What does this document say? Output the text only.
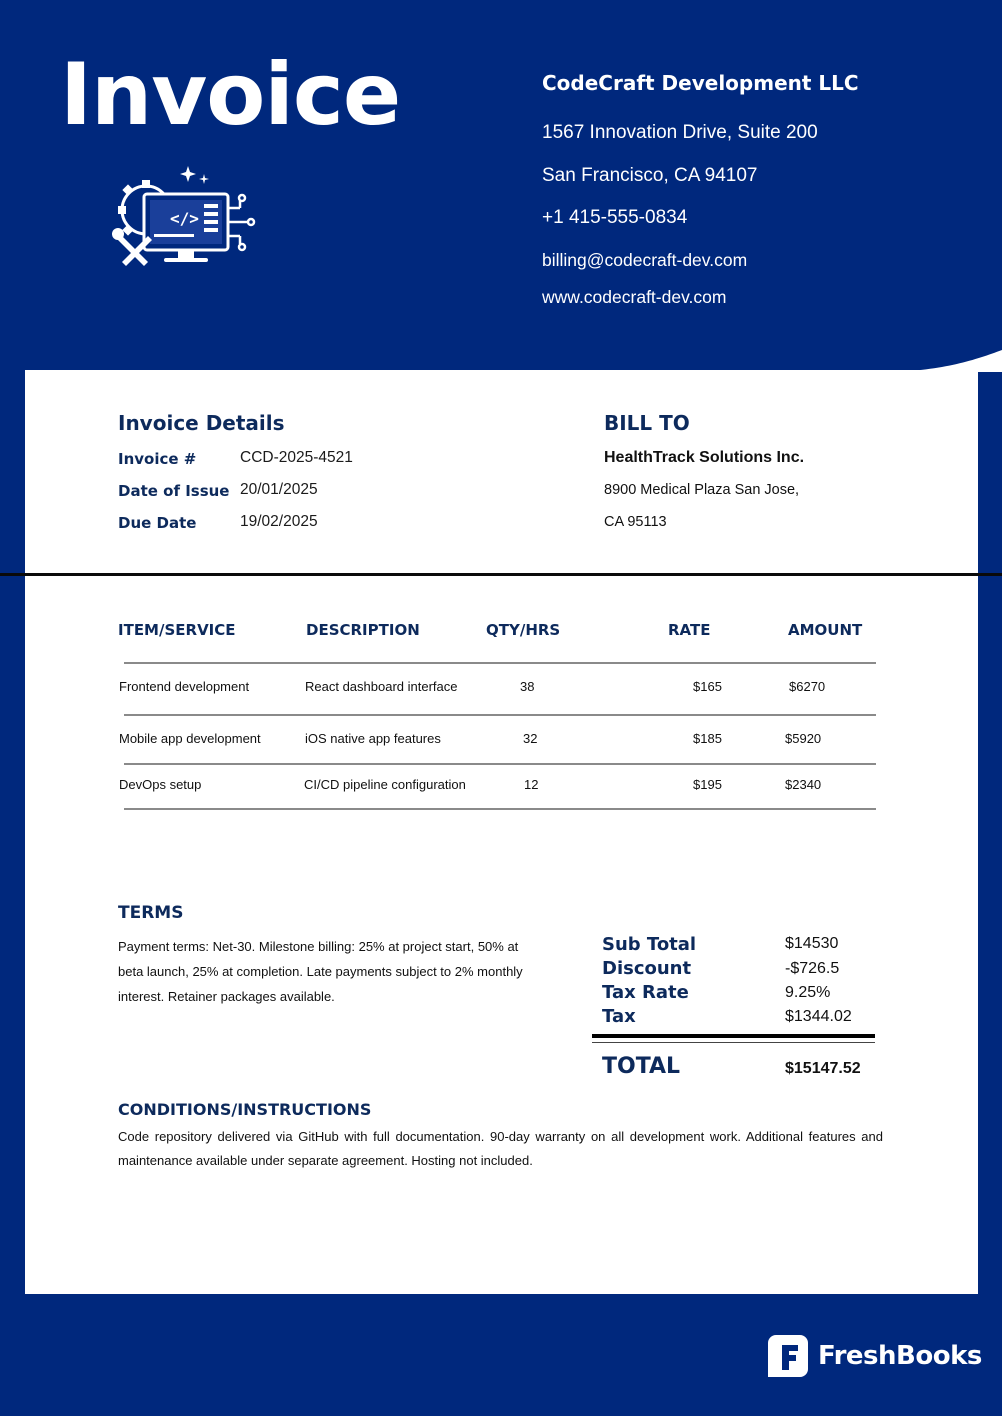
Invoice
</>
CodeCraft Development LLC
1567 Innovation Drive, Suite 200
San Francisco, CA 94107
+1 415-555-0834
billing@codecraft-dev.com
www.codecraft-dev.com
Invoice Details
Invoice #	CCD-2025-4521
Date of Issue 20/01/2025
Due Date	19/02/2025
BILL TO
HealthTrack Solutions Inc.
8900 Medical Plaza San Jose,
CA 95113
ITEM/SERVICE	DESCRIPTION	QTY/HRS	RATE	AMOUNT
Frontend development	React dashboard interface	38	$165	$6270
Mobile app development	iOS native app features	32	$185	$5920
DevOps setup	CI/CD pipeline configuration	12	$195	$2340
TERMS
Payment terms: Net-30. Milestone billing: 25% at project start, 50% at beta launch, 25% at completion. Late payments subject to 2% monthly interest. Retainer packages available.
Sub Total	$14530
Discount	-$726.5
Tax Rate	9.25%
Tax	$1344.02
TOTAL	$15147.52
CONDITIONS/INSTRUCTIONS
Code repository delivered via GitHub with full documentation. 90-day warranty on all development work. Additional features and maintenance available under separate agreement. Hosting not included.
FreshBooks
